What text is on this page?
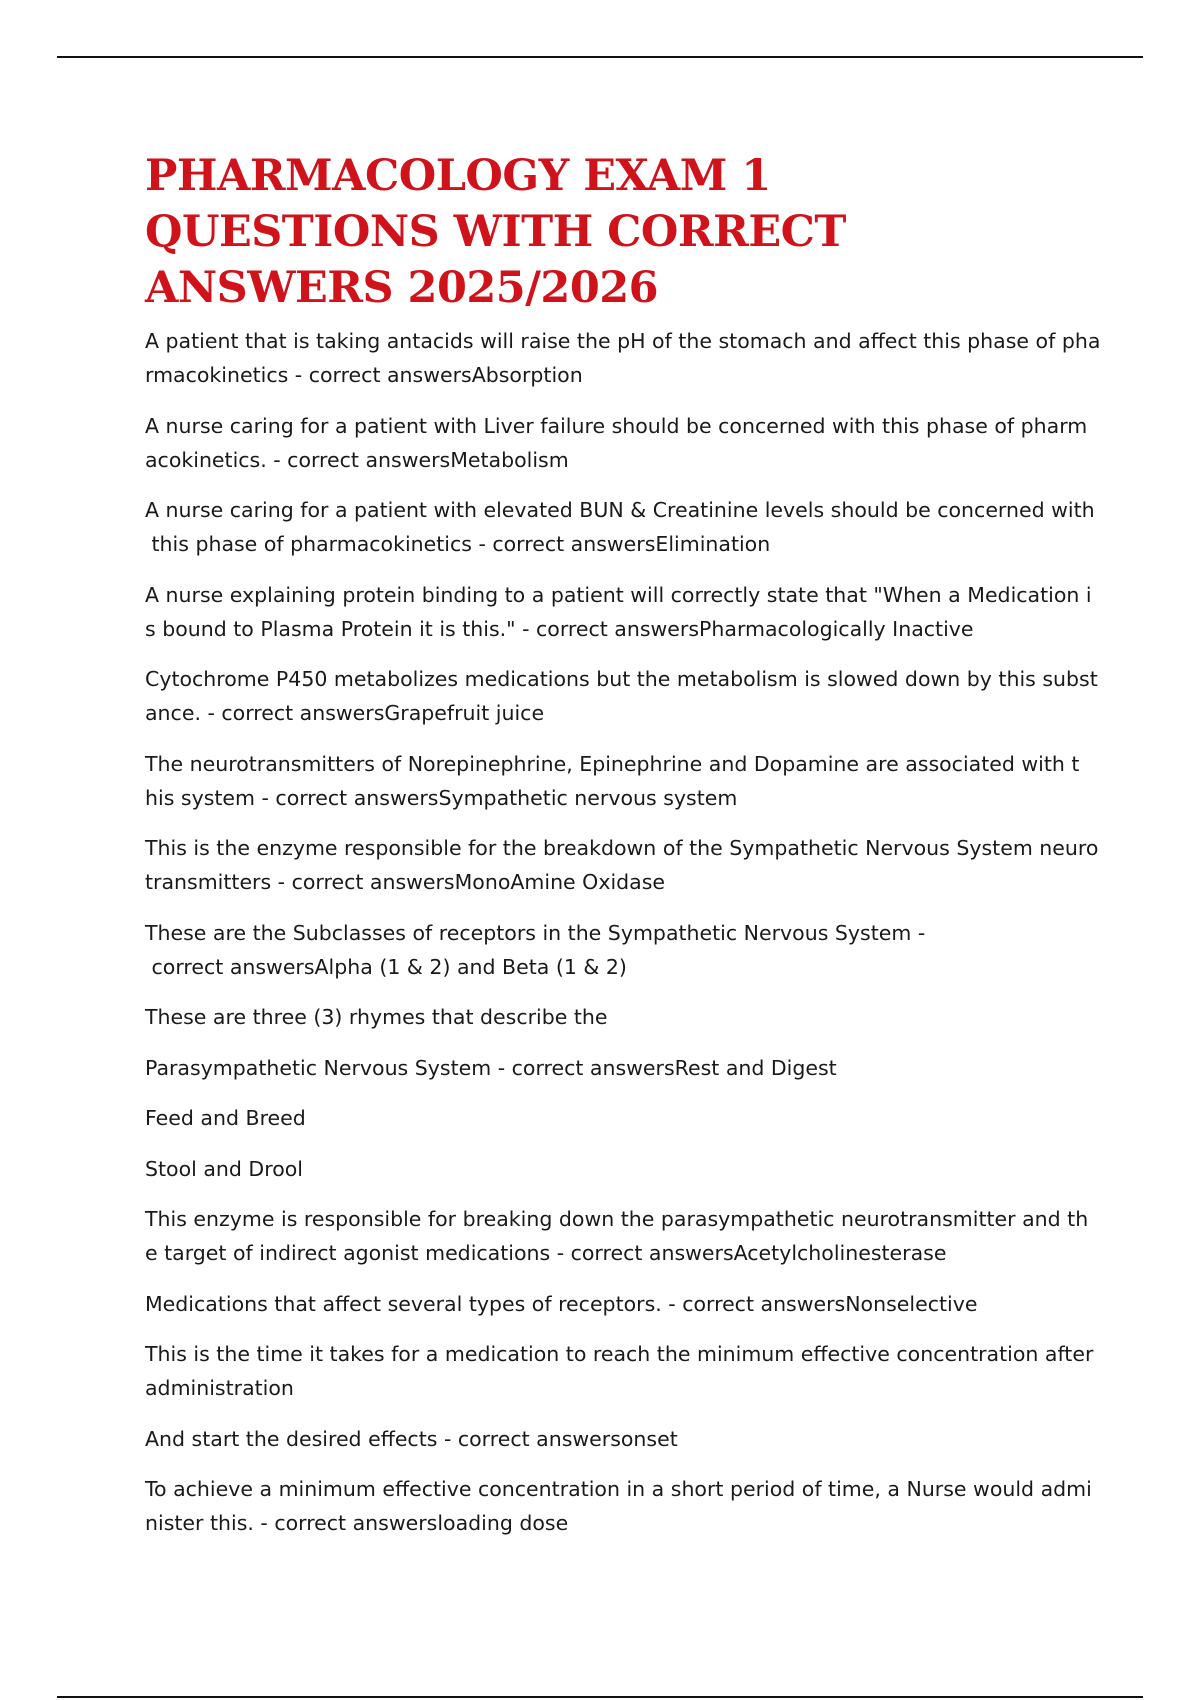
PHARMACOLOGY EXAM 1
QUESTIONS WITH CORRECT
ANSWERS 2025/2026
A patient that is taking antacids will raise the pH of the stomach and affect this phase of pha
rmacokinetics - correct answersAbsorption
A nurse caring for a patient with Liver failure should be concerned with this phase of pharm
acokinetics. - correct answersMetabolism
A nurse caring for a patient with elevated BUN & Creatinine levels should be concerned with
this phase of pharmacokinetics - correct answersElimination
A nurse explaining protein binding to a patient will correctly state that "When a Medication i
s bound to Plasma Protein it is this." - correct answersPharmacologically Inactive
Cytochrome P450 metabolizes medications but the metabolism is slowed down by this subst
ance. - correct answersGrapefruit juice
The neurotransmitters of Norepinephrine, Epinephrine and Dopamine are associated with t
his system - correct answersSympathetic nervous system
This is the enzyme responsible for the breakdown of the Sympathetic Nervous System neuro
transmitters - correct answersMonoAmine Oxidase
These are the Subclasses of receptors in the Sympathetic Nervous System -
correct answersAlpha (1 & 2) and Beta (1 & 2)
These are three (3) rhymes that describe the
Parasympathetic Nervous System - correct answersRest and Digest
Feed and Breed
Stool and Drool
This enzyme is responsible for breaking down the parasympathetic neurotransmitter and th
e target of indirect agonist medications - correct answersAcetylcholinesterase
Medications that affect several types of receptors. - correct answersNonselective
This is the time it takes for a medication to reach the minimum effective concentration after
administration
And start the desired effects - correct answersonset
To achieve a minimum effective concentration in a short period of time, a Nurse would admi
nister this. - correct answersloading dose
